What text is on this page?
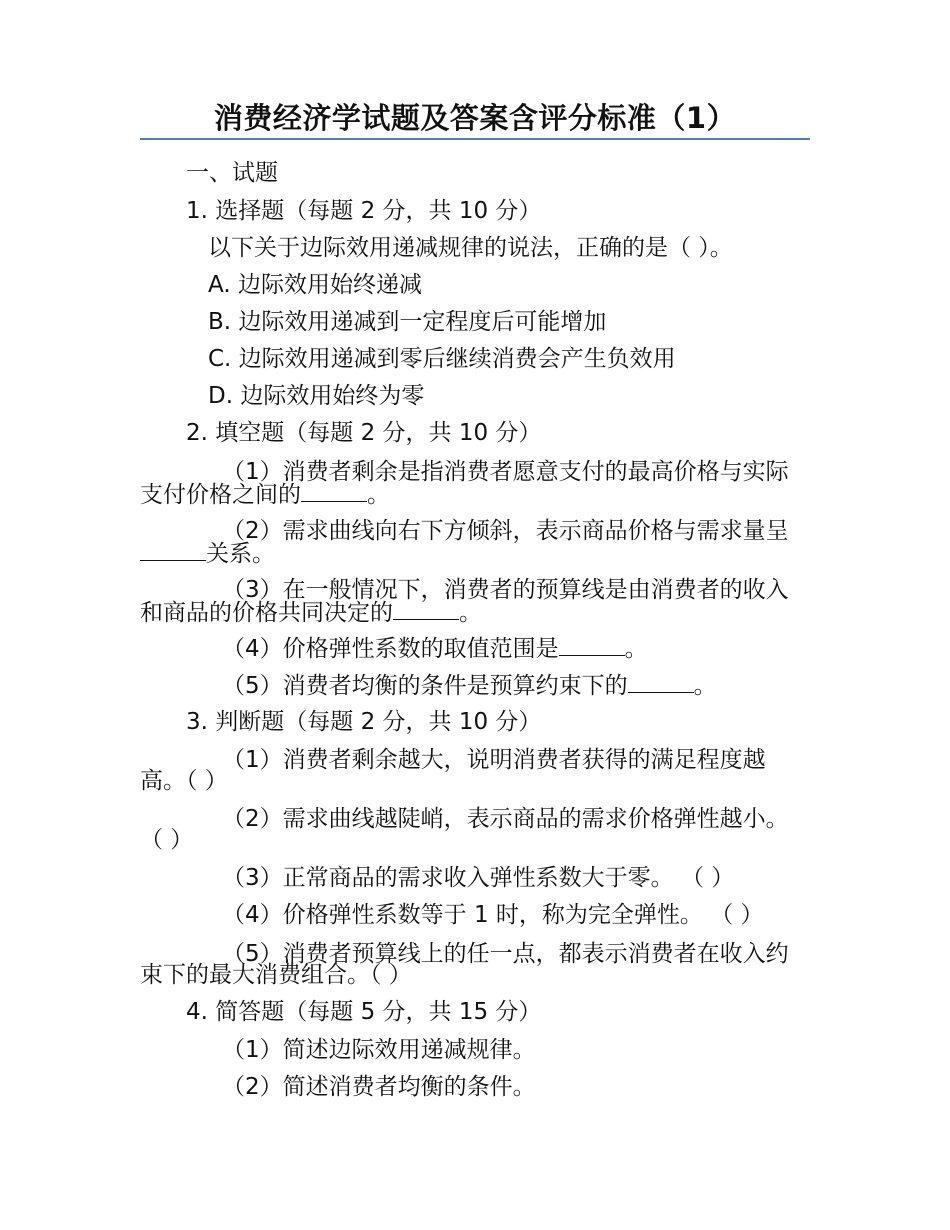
消费经济学试题及答案含评分标准（1）
一、试题
1. 选择题（每题 2 分，共 10 分）
以下关于边际效用递减规律的说法，正确的是（ ）。
A. 边际效用始终递减
B. 边际效用递减到一定程度后可能增加
C. 边际效用递减到零后继续消费会产生负效用
D. 边际效用始终为零
2. 填空题（每题 2 分，共 10 分）
（1）消费者剩余是指消费者愿意支付的最高价格与实际支付价格之间的	。
（2）需求曲线向右下方倾斜，表示商品价格与需求量呈关系。
（3）在一般情况下，消费者的预算线是由消费者的收入和商品的价格共同决定的	。
（4）价格弹性系数的取值范围是	。
（5）消费者均衡的条件是预算约束下的	。
3. 判断题（每题 2 分，共 10 分）
（1）消费者剩余越大，说明消费者获得的满足程度越高。（ ）
（2）需求曲线越陡峭，表示商品的需求价格弹性越小。（ ）
（3）正常商品的需求收入弹性系数大于零。 （ ）
（4）价格弹性系数等于 1 时，称为完全弹性。 （ ）
（5）消费者预算线上的任一点，都表示消费者在收入约束下的最大消费组合。（ ）
4. 简答题（每题 5 分，共 15 分）
（1）简述边际效用递减规律。
（2）简述消费者均衡的条件。
